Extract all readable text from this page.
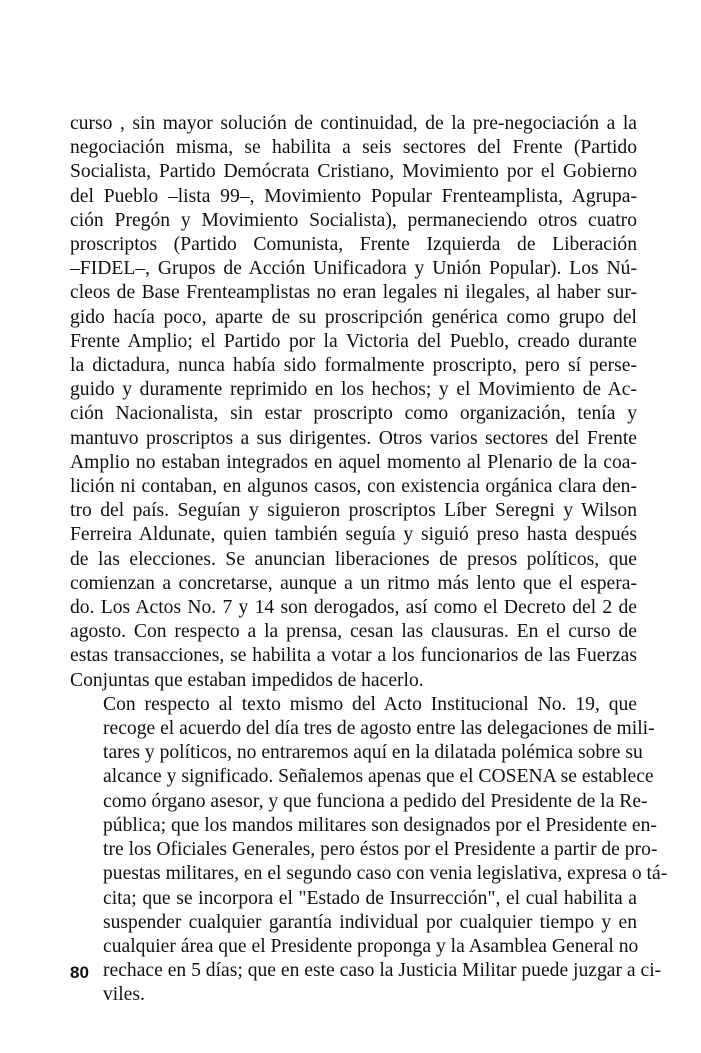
curso , sin mayor solución de continuidad, de la pre-negociación a la
negociación misma, se habilita a seis sectores del Frente (Partido
Socialista, Partido Demócrata Cristiano, Movimiento por el Gobierno
del Pueblo –lista 99–, Movimiento Popular Frenteamplista, Agrupa-
ción Pregón y Movimiento Socialista), permaneciendo otros cuatro
proscriptos (Partido Comunista, Frente Izquierda de Liberación
–FIDEL–, Grupos de Acción Unificadora y Unión Popular). Los Nú-
cleos de Base Frenteamplistas no eran legales ni ilegales, al haber sur-
gido hacía poco, aparte de su proscripción genérica como grupo del
Frente Amplio; el Partido por la Victoria del Pueblo, creado durante
la dictadura, nunca había sido formalmente proscripto, pero sí perse-
guido y duramente reprimido en los hechos; y el Movimiento de Ac-
ción Nacionalista, sin estar proscripto como organización, tenía y
mantuvo proscriptos a sus dirigentes. Otros varios sectores del Frente
Amplio no estaban integrados en aquel momento al Plenario de la coa-
lición ni contaban, en algunos casos, con existencia orgánica clara den-
tro del país. Seguían y siguieron proscriptos Líber Seregni y Wilson
Ferreira Aldunate, quien también seguía y siguió preso hasta después
de las elecciones. Se anuncian liberaciones de presos políticos, que
comienzan a concretarse, aunque a un ritmo más lento que el espera-
do. Los Actos No. 7 y 14 son derogados, así como el Decreto del 2 de
agosto. Con respecto a la prensa, cesan las clausuras. En el curso de
estas transacciones, se habilita a votar a los funcionarios de las Fuerzas
Conjuntas que estaban impedidos de hacerlo.

Con respecto al texto mismo del Acto Institucional No. 19, que
recoge el acuerdo del día tres de agosto entre las delegaciones de mili-
tares y políticos, no entraremos aquí en la dilatada polémica sobre su
alcance y significado. Señalemos apenas que el COSENA se establece
como órgano asesor, y que funciona a pedido del Presidente de la Re-
pública; que los mandos militares son designados por el Presidente en-
tre los Oficiales Generales, pero éstos por el Presidente a partir de pro-
puestas militares, en el segundo caso con venia legislativa, expresa o tá-
cita; que se incorpora el "Estado de Insurrección", el cual habilita a
suspender cualquier garantía individual por cualquier tiempo y en
cualquier área que el Presidente proponga y la Asamblea General no
rechace en 5 días; que en este caso la Justicia Militar puede juzgar a ci-
viles.

80
